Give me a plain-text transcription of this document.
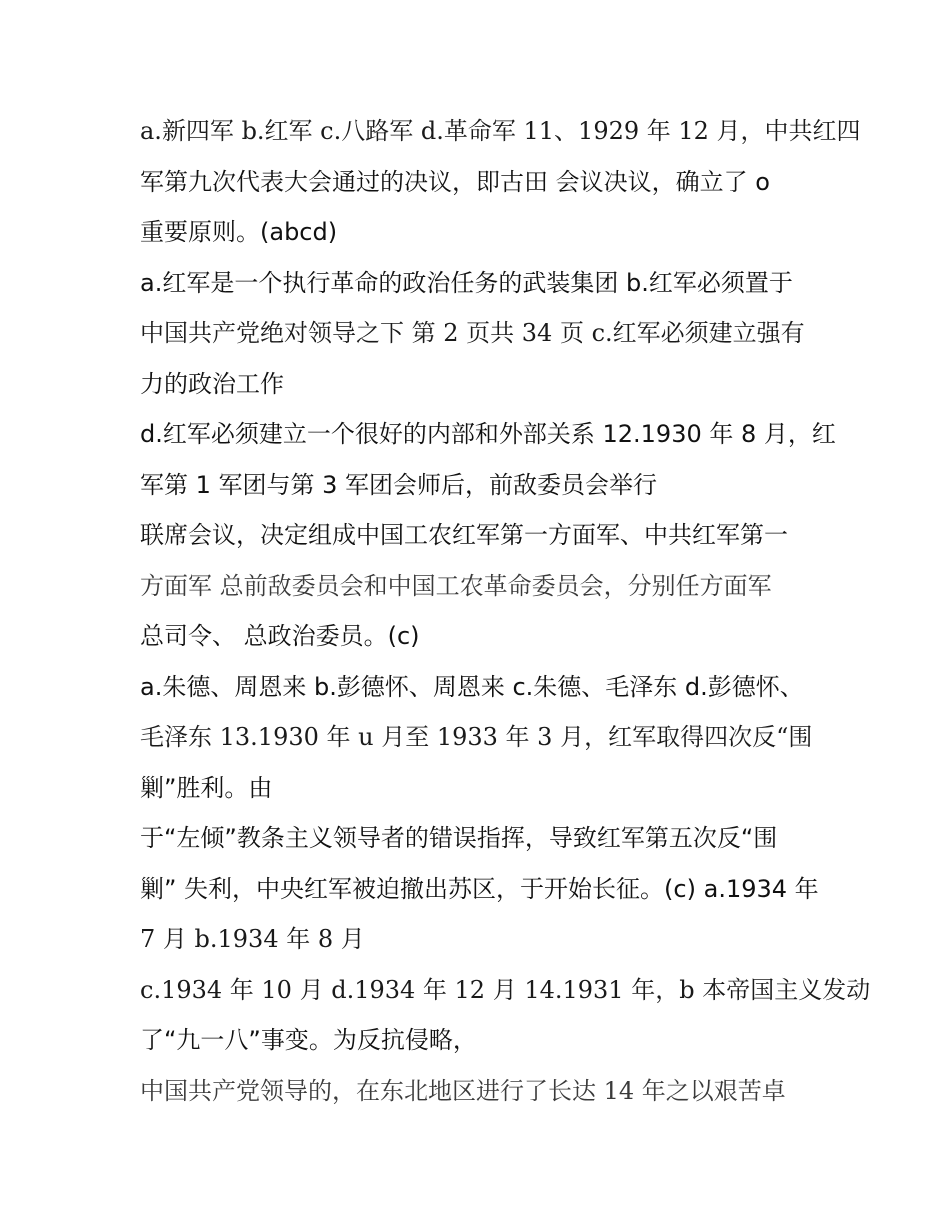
a.新四军 b.红军 c.八路军 d.革命军 11、1929 年 12 月，中共红四
军第九次代表大会通过的决议，即古田 会议决议，确立了 o
重要原则。(abcd)
a.红军是一个执行革命的政治任务的武装集团 b.红军必须置于
中国共产党绝对领导之下 第 2 页共 34 页 c.红军必须建立强有
力的政治工作
d.红军必须建立一个很好的内部和外部关系 12.1930 年 8 月，红
军第 1 军团与第 3 军团会师后，前敌委员会举行
联席会议，决定组成中国工农红军第一方面军、中共红军第一
方面军 总前敌委员会和中国工农革命委员会，分别任方面军
总司令、 总政治委员。(c)
a.朱德、周恩来 b.彭德怀、周恩来 c.朱德、毛泽东 d.彭德怀、
毛泽东 13.1930 年 u 月至 1933 年 3 月，红军取得四次反“围
剿”胜利。由
于“左倾”教条主义领导者的错误指挥，导致红军第五次反“围
剿” 失利，中央红军被迫撤出苏区，于开始长征。(c) a.1934 年
7 月 b.1934 年 8 月
c.1934 年 10 月 d.1934 年 12 月 14.1931 年，b 本帝国主义发动
了“九一八”事变。为反抗侵略，
中国共产党领导的，在东北地区进行了长达 14 年之以艰苦卓
